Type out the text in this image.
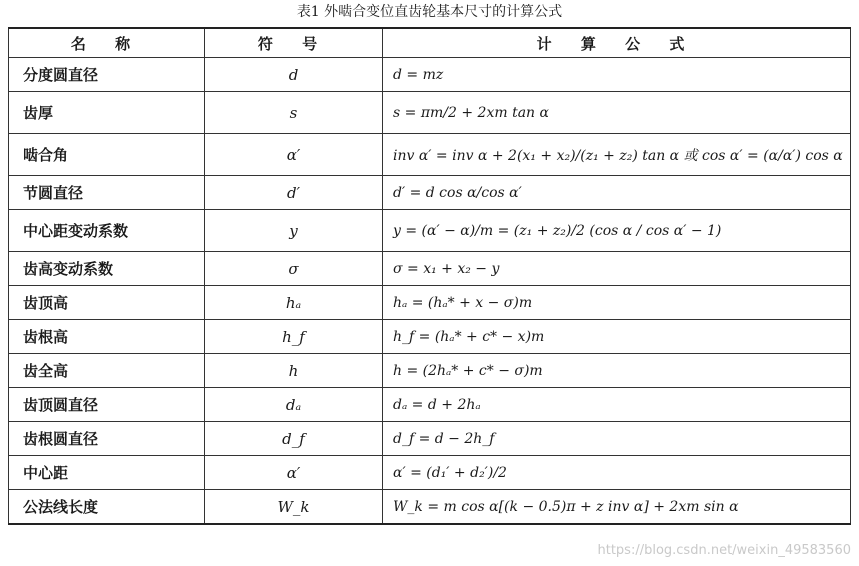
表1 外啮合变位直齿轮基本尺寸的计算公式
名 称	符 号	计 算 公 式
分度圆直径	d	d = mz
齿厚	s	s = πm/2 + 2xm tan α
啮合角	α′	inv α′ = inv α + 2(x₁ + x₂)/(z₁ + z₂) tan α 或 cos α′ = (α/α′) cos α
节圆直径	d′	d′ = d cos α/cos α′
中心距变动系数	y	y = (α′ − α)/m = (z₁ + z₂)/2 (cos α / cos α′ − 1)
齿高变动系数	σ	σ = x₁ + x₂ − y
齿顶高	hₐ	hₐ = (hₐ* + x − σ)m
齿根高	h_f	h_f = (hₐ* + c* − x)m
齿全高	h	h = (2hₐ* + c* − σ)m
齿顶圆直径	dₐ	dₐ = d + 2hₐ
齿根圆直径	d_f	d_f = d − 2h_f
中心距	α′	α′ = (d₁′ + d₂′)/2
公法线长度	W_k	W_k = m cos α[(k − 0.5)π + z inv α] + 2xm sin α
https://blog.csdn.net/weixin_49583560
